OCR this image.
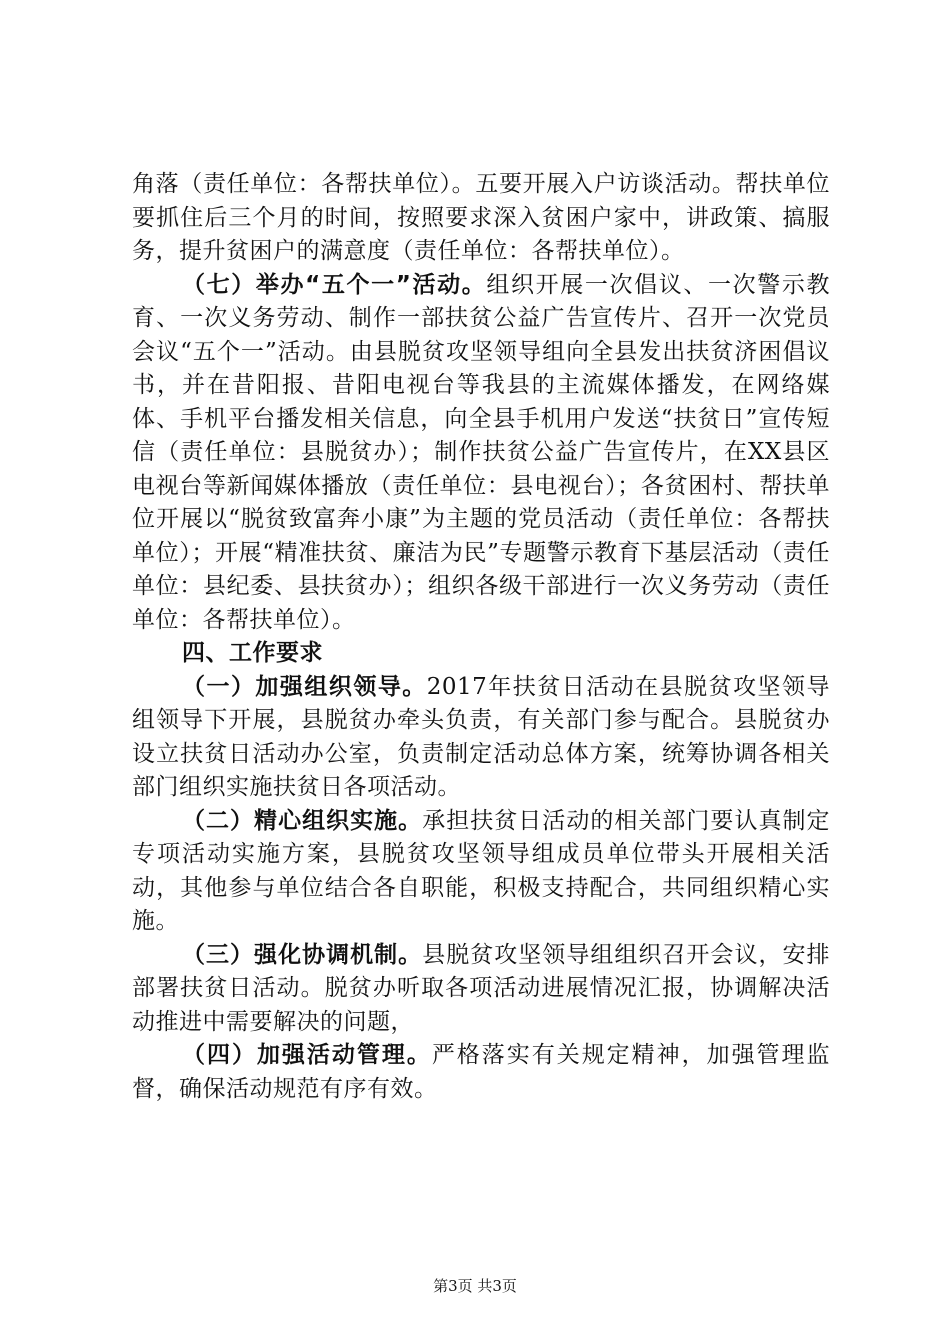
角落（责任单位：各帮扶单位）。五要开展入户访谈活动。帮扶单位要抓住后三个月的时间，按照要求深入贫困户家中，讲政策、搞服务，提升贫困户的满意度（责任单位：各帮扶单位）。

（七）举办“五个一”活动。组织开展一次倡议、一次警示教育、一次义务劳动、制作一部扶贫公益广告宣传片、召开一次党员会议“五个一”活动。由县脱贫攻坚领导组向全县发出扶贫济困倡议书，并在昔阳报、昔阳电视台等我县的主流媒体播发，在网络媒体、手机平台播发相关信息，向全县手机用户发送“扶贫日”宣传短信（责任单位：县脱贫办）；制作扶贫公益广告宣传片，在XX县区电视台等新闻媒体播放（责任单位：县电视台）；各贫困村、帮扶单位开展以“脱贫致富奔小康”为主题的党员活动（责任单位：各帮扶单位）；开展“精准扶贫、廉洁为民”专题警示教育下基层活动（责任单位：县纪委、县扶贫办）；组织各级干部进行一次义务劳动（责任单位：各帮扶单位）。

四、工作要求

（一）加强组织领导。2017年扶贫日活动在县脱贫攻坚领导组领导下开展，县脱贫办牵头负责，有关部门参与配合。县脱贫办设立扶贫日活动办公室，负责制定活动总体方案，统筹协调各相关部门组织实施扶贫日各项活动。

（二）精心组织实施。承担扶贫日活动的相关部门要认真制定专项活动实施方案，县脱贫攻坚领导组成员单位带头开展相关活动，其他参与单位结合各自职能，积极支持配合，共同组织精心实施。

（三）强化协调机制。县脱贫攻坚领导组组织召开会议，安排部署扶贫日活动。脱贫办听取各项活动进展情况汇报，协调解决活动推进中需要解决的问题，

（四）加强活动管理。严格落实有关规定精神，加强管理监督，确保活动规范有序有效。

第3页 共3页
